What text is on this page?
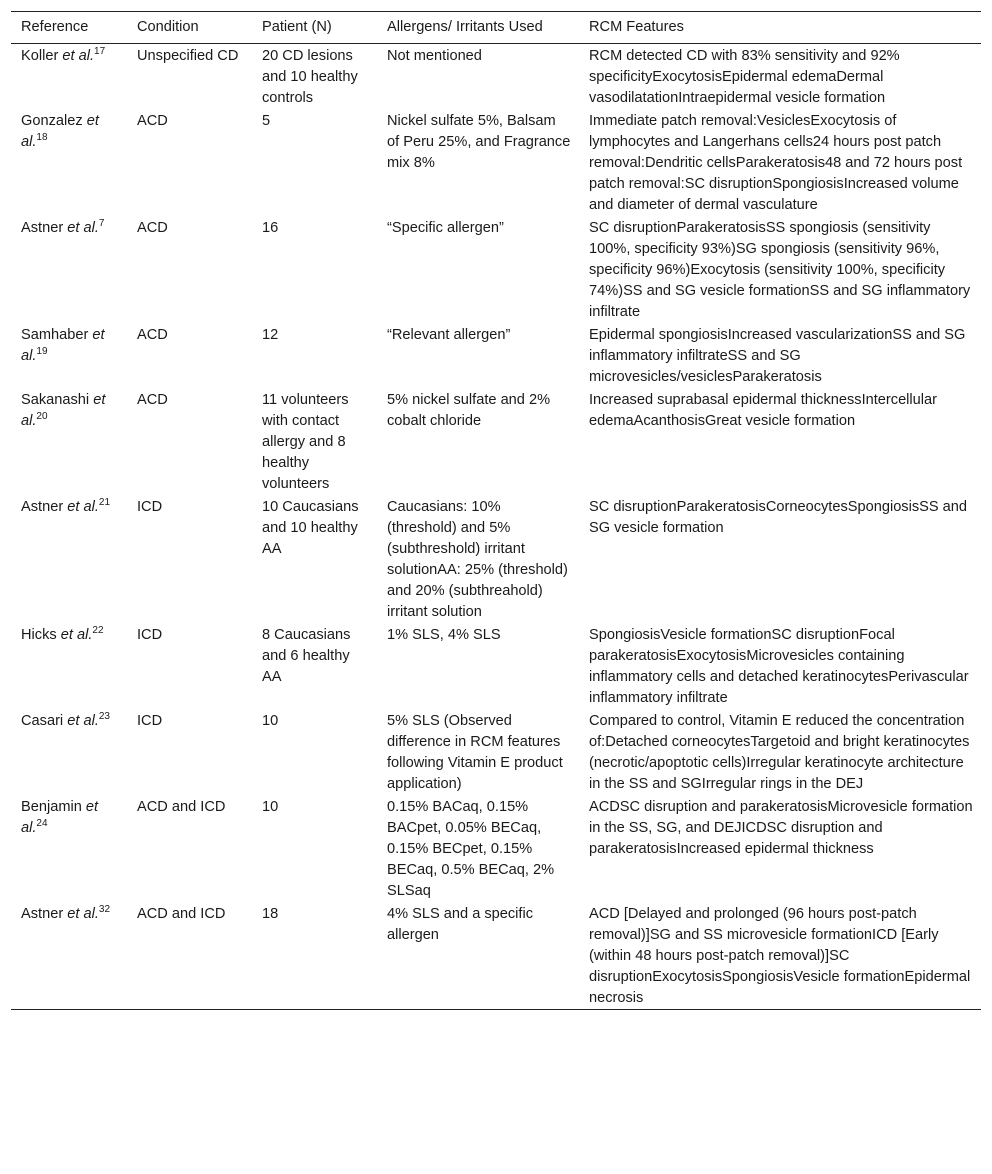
Reference	Condition	Patient (N)	Allergens/ Irritants Used	RCM Features
Koller et al.$^{17}$	Unspecified CD	20 CD lesions and 10 healthy controls	Not mentioned	RCM detected CD with 83% sensitivity and 92% specificityExocytosisEpidermal edemaDermal vasodilatationIntraepidermal vesicle formation
Gonzalez et al.$^{18}$	ACD	5	Nickel sulfate 5%, Balsam of Peru 25%, and Fragrance mix 8%	Immediate patch removal:VesiclesExocytosis of lymphocytes and Langerhans cells24 hours post patch removal:Dendritic cellsParakeratosis48 and 72 hours post patch removal:SC disruptionSpongiosisIncreased volume and diameter of dermal vasculature
Astner et al.$^7$	ACD	16	“Specific allergen”	SC disruptionParakeratosisSS spongiosis (sensitivity 100%, specificity 93%)SG spongiosis (sensitivity 96%, specificity 96%)Exocytosis (sensitivity 100%, specificity 74%)SS and SG vesicle formationSS and SG inflammatory infiltrate
Samhaber et al.$^{19}$	ACD	12	“Relevant allergen”	Epidermal spongiosisIncreased vascularizationSS and SG inflammatory infiltrateSS and SG microvesicles/vesiclesParakeratosis
Sakanashi et al.$^{20}$	ACD	11 volunteers with contact allergy and 8 healthy volunteers	5% nickel sulfate and 2% cobalt chloride	Increased suprabasal epidermal thicknessIntercellular edemaAcanthosisGreat vesicle formation
Astner et al.$^{21}$	ICD	10 Caucasians and 10 healthy AA	Caucasians: 10% (threshold) and 5% (subthreshold) irritant solutionAA: 25% (threshold) and 20% (subthreahold) irritant solution	SC disruptionParakeratosisCorneocytesSpongiosisSS and SG vesicle formation
Hicks et al.$^{22}$	ICD	8 Caucasians and 6 healthy AA	1% SLS, 4% SLS	SpongiosisVesicle formationSC disruptionFocal parakeratosisExocytosisMicrovesicles containing inflammatory cells and detached keratinocytesPerivascular inflammatory infiltrate
Casari et al.$^{23}$	ICD	10	5% SLS (Observed difference in RCM features following Vitamin E product application)	Compared to control, Vitamin E reduced the concentration of:Detached corneocytesTargetoid and bright keratinocytes (necrotic/apoptotic cells)Irregular keratinocyte architecture in the SS and SGIrregular rings in the DEJ
Benjamin et al.$^{24}$	ACD and ICD	10	0.15% BACaq, 0.15% BACpet, 0.05% BECaq, 0.15% BECpet, 0.15% BECaq, 0.5% BECaq, 2% SLSaq	ACDSC disruption and parakeratosisMicrovesicle formation in the SS, SG, and DEJICDSC disruption and parakeratosisIncreased epidermal thickness
Astner et al.$^{32}$	ACD and ICD	18	4% SLS and a specific allergen	ACD [Delayed and prolonged (96 hours post-patch removal)]SG and SS microvesicle formationICD [Early (within 48 hours post-patch removal)]SC disruptionExocytosisSpongiosisVesicle formationEpidermal necrosis
